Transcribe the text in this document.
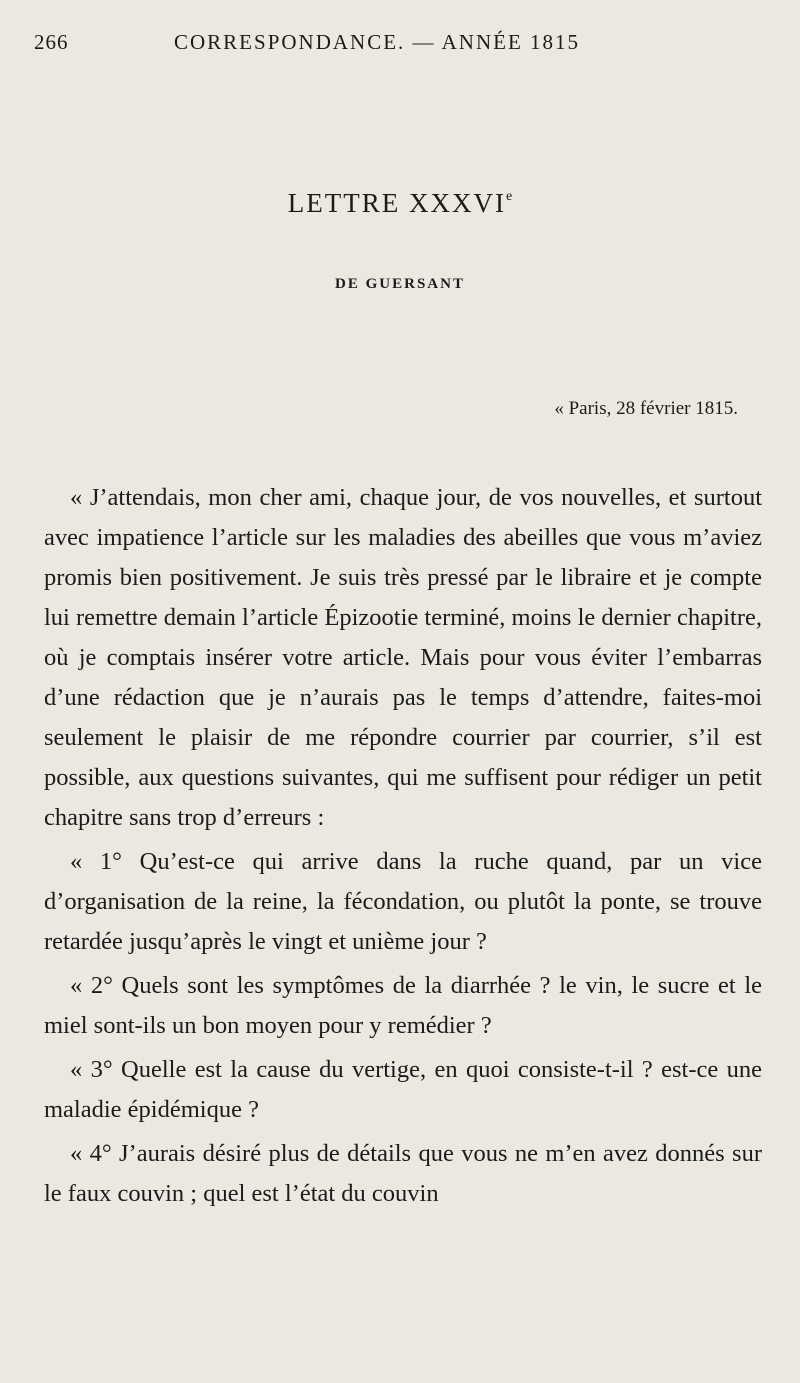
266	CORRESPONDANCE. — ANNÉE 1815
LETTRE XXXVIe
DE GUERSANT
« Paris, 28 février 1815.

« J’attendais, mon cher ami, chaque jour, de vos nouvelles, et surtout avec impatience l’article sur les maladies des abeilles que vous m’aviez promis bien positivement. Je suis très pressé par le libraire et je compte lui remettre demain l’article Épizootie terminé, moins le dernier chapitre, où je comptais insérer votre article. Mais pour vous éviter l’embarras d’une rédaction que je n’aurais pas le temps d’attendre, faites-moi seulement le plaisir de me répondre courrier par courrier, s’il est possible, aux questions suivantes, qui me suffisent pour rédiger un petit chapitre sans trop d’erreurs :

« 1° Qu’est-ce qui arrive dans la ruche quand, par un vice d’organisation de la reine, la fécondation, ou plutôt la ponte, se trouve retardée jusqu’après le vingt et unième jour ?

« 2° Quels sont les symptômes de la diarrhée ? le vin, le sucre et le miel sont-ils un bon moyen pour y remédier ?

« 3° Quelle est la cause du vertige, en quoi consiste-t-il ? est-ce une maladie épidémique ?

« 4° J’aurais désiré plus de détails que vous ne m’en avez donnés sur le faux couvin ; quel est l’état du couvin
